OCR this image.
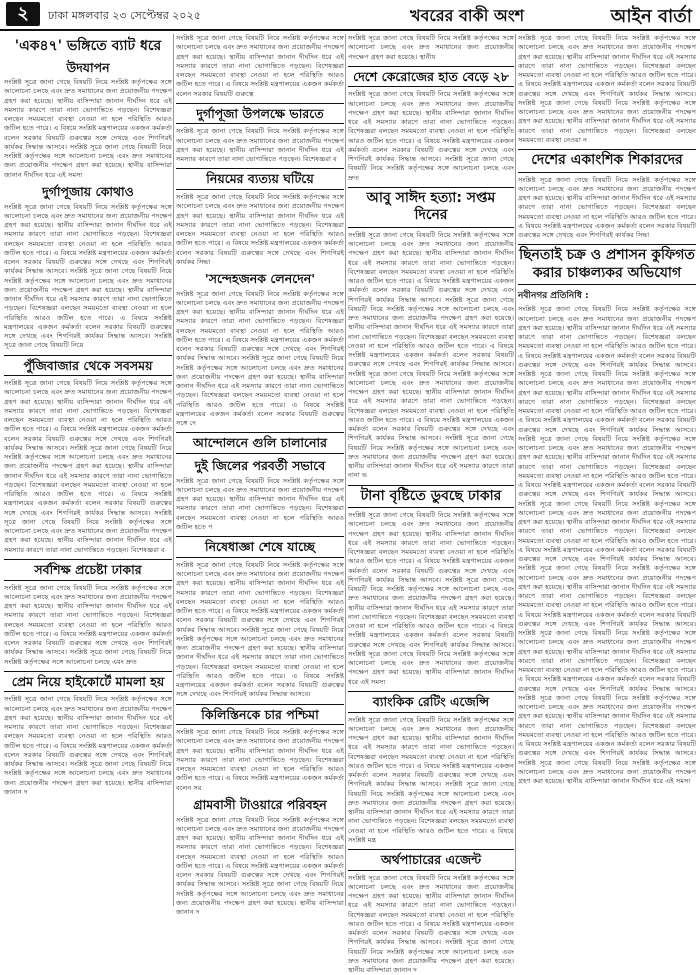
২	ঢাকা মঙ্গলবার ২৩ সেপ্টেম্বর ২০২৫	খবরের বাকী অংশ	আইন বার্তা
'এক৪৭' ভঙ্গিতে ব্যাট ধরে
উদযাপন
সংশ্লিষ্ট সূত্রে জানা গেছে বিষয়টি নিয়ে সংশ্লিষ্ট কর্তৃপক্ষের সঙ্গে আলোচনা চলছে এবং দ্রুত সমাধানের জন্য প্রয়োজনীয় পদক্ষেপ গ্রহণ করা হয়েছে। স্থানীয় বাসিন্দারা জানান দীর্ঘদিন ধরে এই সমস্যার কারণে তারা নানা ভোগান্তিতে পড়ছেন। বিশেষজ্ঞরা বলছেন সময়মতো ব্যবস্থা নেওয়া না হলে পরিস্থিতি আরও জটিল হতে পারে। এ বিষয়ে সংশ্লিষ্ট মন্ত্রণালয়ের একজন কর্মকর্তা বলেন সরকার বিষয়টি গুরুত্বের সঙ্গে দেখছে এবং শিগগিরই কার্যকর সিদ্ধান্ত আসবে। সংশ্লিষ্ট সূত্রে জানা গেছে বিষয়টি নিয়ে সংশ্লিষ্ট কর্তৃপক্ষের সঙ্গে আলোচনা চলছে এবং দ্রুত সমাধানের জন্য প্রয়োজনীয় পদক্ষেপ গ্রহণ করা হয়েছে। স্থানীয় বাসিন্দারা জানান দীর্ঘদিন ধরে এই সমস্য
দুর্গাপূজায় কোথাও
সংশ্লিষ্ট সূত্রে জানা গেছে বিষয়টি নিয়ে সংশ্লিষ্ট কর্তৃপক্ষের সঙ্গে আলোচনা চলছে এবং দ্রুত সমাধানের জন্য প্রয়োজনীয় পদক্ষেপ গ্রহণ করা হয়েছে। স্থানীয় বাসিন্দারা জানান দীর্ঘদিন ধরে এই সমস্যার কারণে তারা নানা ভোগান্তিতে পড়ছেন। বিশেষজ্ঞরা বলছেন সময়মতো ব্যবস্থা নেওয়া না হলে পরিস্থিতি আরও জটিল হতে পারে। এ বিষয়ে সংশ্লিষ্ট মন্ত্রণালয়ের একজন কর্মকর্তা বলেন সরকার বিষয়টি গুরুত্বের সঙ্গে দেখছে এবং শিগগিরই কার্যকর সিদ্ধান্ত আসবে। সংশ্লিষ্ট সূত্রে জানা গেছে বিষয়টি নিয়ে সংশ্লিষ্ট কর্তৃপক্ষের সঙ্গে আলোচনা চলছে এবং দ্রুত সমাধানের জন্য প্রয়োজনীয় পদক্ষেপ গ্রহণ করা হয়েছে। স্থানীয় বাসিন্দারা জানান দীর্ঘদিন ধরে এই সমস্যার কারণে তারা নানা ভোগান্তিতে পড়ছেন। বিশেষজ্ঞরা বলছেন সময়মতো ব্যবস্থা নেওয়া না হলে পরিস্থিতি আরও জটিল হতে পারে। এ বিষয়ে সংশ্লিষ্ট মন্ত্রণালয়ের একজন কর্মকর্তা বলেন সরকার বিষয়টি গুরুত্বের সঙ্গে দেখছে এবং শিগগিরই কার্যকর সিদ্ধান্ত আসবে। সংশ্লিষ্ট সূত্রে জানা গেছে বিষয়টি নিয়ে
পুঁজিবাজার থেকে সবসময়
সংশ্লিষ্ট সূত্রে জানা গেছে বিষয়টি নিয়ে সংশ্লিষ্ট কর্তৃপক্ষের সঙ্গে আলোচনা চলছে এবং দ্রুত সমাধানের জন্য প্রয়োজনীয় পদক্ষেপ গ্রহণ করা হয়েছে। স্থানীয় বাসিন্দারা জানান দীর্ঘদিন ধরে এই সমস্যার কারণে তারা নানা ভোগান্তিতে পড়ছেন। বিশেষজ্ঞরা বলছেন সময়মতো ব্যবস্থা নেওয়া না হলে পরিস্থিতি আরও জটিল হতে পারে। এ বিষয়ে সংশ্লিষ্ট মন্ত্রণালয়ের একজন কর্মকর্তা বলেন সরকার বিষয়টি গুরুত্বের সঙ্গে দেখছে এবং শিগগিরই কার্যকর সিদ্ধান্ত আসবে। সংশ্লিষ্ট সূত্রে জানা গেছে বিষয়টি নিয়ে সংশ্লিষ্ট কর্তৃপক্ষের সঙ্গে আলোচনা চলছে এবং দ্রুত সমাধানের জন্য প্রয়োজনীয় পদক্ষেপ গ্রহণ করা হয়েছে। স্থানীয় বাসিন্দারা জানান দীর্ঘদিন ধরে এই সমস্যার কারণে তারা নানা ভোগান্তিতে পড়ছেন। বিশেষজ্ঞরা বলছেন সময়মতো ব্যবস্থা নেওয়া না হলে পরিস্থিতি আরও জটিল হতে পারে। এ বিষয়ে সংশ্লিষ্ট মন্ত্রণালয়ের একজন কর্মকর্তা বলেন সরকার বিষয়টি গুরুত্বের সঙ্গে দেখছে এবং শিগগিরই কার্যকর সিদ্ধান্ত আসবে। সংশ্লিষ্ট সূত্রে জানা গেছে বিষয়টি নিয়ে সংশ্লিষ্ট কর্তৃপক্ষের সঙ্গে আলোচনা চলছে এবং দ্রুত সমাধানের জন্য প্রয়োজনীয় পদক্ষেপ গ্রহণ করা হয়েছে। স্থানীয় বাসিন্দারা জানান দীর্ঘদিন ধরে এই সমস্যার কারণে তারা নানা ভোগান্তিতে পড়ছেন। বিশেষজ্ঞরা ব
সর্বশিক্ষ প্রচেষ্টা ঢাকার
সংশ্লিষ্ট সূত্রে জানা গেছে বিষয়টি নিয়ে সংশ্লিষ্ট কর্তৃপক্ষের সঙ্গে আলোচনা চলছে এবং দ্রুত সমাধানের জন্য প্রয়োজনীয় পদক্ষেপ গ্রহণ করা হয়েছে। স্থানীয় বাসিন্দারা জানান দীর্ঘদিন ধরে এই সমস্যার কারণে তারা নানা ভোগান্তিতে পড়ছেন। বিশেষজ্ঞরা বলছেন সময়মতো ব্যবস্থা নেওয়া না হলে পরিস্থিতি আরও জটিল হতে পারে। এ বিষয়ে সংশ্লিষ্ট মন্ত্রণালয়ের একজন কর্মকর্তা বলেন সরকার বিষয়টি গুরুত্বের সঙ্গে দেখছে এবং শিগগিরই কার্যকর সিদ্ধান্ত আসবে। সংশ্লিষ্ট সূত্রে জানা গেছে বিষয়টি নিয়ে সংশ্লিষ্ট কর্তৃপক্ষের সঙ্গে আলোচনা চলছে এবং দ্রুত
প্রেম নিয়ে হাইকোর্টে মামলা হয়
সংশ্লিষ্ট সূত্রে জানা গেছে বিষয়টি নিয়ে সংশ্লিষ্ট কর্তৃপক্ষের সঙ্গে আলোচনা চলছে এবং দ্রুত সমাধানের জন্য প্রয়োজনীয় পদক্ষেপ গ্রহণ করা হয়েছে। স্থানীয় বাসিন্দারা জানান দীর্ঘদিন ধরে এই সমস্যার কারণে তারা নানা ভোগান্তিতে পড়ছেন। বিশেষজ্ঞরা বলছেন সময়মতো ব্যবস্থা নেওয়া না হলে পরিস্থিতি আরও জটিল হতে পারে। এ বিষয়ে সংশ্লিষ্ট মন্ত্রণালয়ের একজন কর্মকর্তা বলেন সরকার বিষয়টি গুরুত্বের সঙ্গে দেখছে এবং শিগগিরই কার্যকর সিদ্ধান্ত আসবে। সংশ্লিষ্ট সূত্রে জানা গেছে বিষয়টি নিয়ে সংশ্লিষ্ট কর্তৃপক্ষের সঙ্গে আলোচনা চলছে এবং দ্রুত সমাধানের জন্য প্রয়োজনীয় পদক্ষেপ গ্রহণ করা হয়েছে। স্থানীয় বাসিন্দারা জানান দ
সংশ্লিষ্ট সূত্রে জানা গেছে বিষয়টি নিয়ে সংশ্লিষ্ট কর্তৃপক্ষের সঙ্গে আলোচনা চলছে এবং দ্রুত সমাধানের জন্য প্রয়োজনীয় পদক্ষেপ গ্রহণ করা হয়েছে। স্থানীয় বাসিন্দারা জানান দীর্ঘদিন ধরে এই সমস্যার কারণে তারা নানা ভোগান্তিতে পড়ছেন। বিশেষজ্ঞরা বলছেন সময়মতো ব্যবস্থা নেওয়া না হলে পরিস্থিতি আরও জটিল হতে পারে। এ বিষয়ে সংশ্লিষ্ট মন্ত্রণালয়ের একজন কর্মকর্তা বলেন সরকার বিষয়টি গুরুত্বে
দুর্গাপূজা উপলক্ষে ভারতে
সংশ্লিষ্ট সূত্রে জানা গেছে বিষয়টি নিয়ে সংশ্লিষ্ট কর্তৃপক্ষের সঙ্গে আলোচনা চলছে এবং দ্রুত সমাধানের জন্য প্রয়োজনীয় পদক্ষেপ গ্রহণ করা হয়েছে। স্থানীয় বাসিন্দারা জানান দীর্ঘদিন ধরে এই সমস্যার কারণে তারা নানা ভোগান্তিতে পড়ছেন। বিশেষজ্ঞরা ব
নিয়মের ব্যত্যয় ঘটিয়ে
সংশ্লিষ্ট সূত্রে জানা গেছে বিষয়টি নিয়ে সংশ্লিষ্ট কর্তৃপক্ষের সঙ্গে আলোচনা চলছে এবং দ্রুত সমাধানের জন্য প্রয়োজনীয় পদক্ষেপ গ্রহণ করা হয়েছে। স্থানীয় বাসিন্দারা জানান দীর্ঘদিন ধরে এই সমস্যার কারণে তারা নানা ভোগান্তিতে পড়ছেন। বিশেষজ্ঞরা বলছেন সময়মতো ব্যবস্থা নেওয়া না হলে পরিস্থিতি আরও জটিল হতে পারে। এ বিষয়ে সংশ্লিষ্ট মন্ত্রণালয়ের একজন কর্মকর্তা বলেন সরকার বিষয়টি গুরুত্বের সঙ্গে দেখছে এবং শিগগিরই কার্যকর সিদ্ধা
'সন্দেহজনক লেনদেন'
সংশ্লিষ্ট সূত্রে জানা গেছে বিষয়টি নিয়ে সংশ্লিষ্ট কর্তৃপক্ষের সঙ্গে আলোচনা চলছে এবং দ্রুত সমাধানের জন্য প্রয়োজনীয় পদক্ষেপ গ্রহণ করা হয়েছে। স্থানীয় বাসিন্দারা জানান দীর্ঘদিন ধরে এই সমস্যার কারণে তারা নানা ভোগান্তিতে পড়ছেন। বিশেষজ্ঞরা বলছেন সময়মতো ব্যবস্থা নেওয়া না হলে পরিস্থিতি আরও জটিল হতে পারে। এ বিষয়ে সংশ্লিষ্ট মন্ত্রণালয়ের একজন কর্মকর্তা বলেন সরকার বিষয়টি গুরুত্বের সঙ্গে দেখছে এবং শিগগিরই কার্যকর সিদ্ধান্ত আসবে। সংশ্লিষ্ট সূত্রে জানা গেছে বিষয়টি নিয়ে সংশ্লিষ্ট কর্তৃপক্ষের সঙ্গে আলোচনা চলছে এবং দ্রুত সমাধানের জন্য প্রয়োজনীয় পদক্ষেপ গ্রহণ করা হয়েছে। স্থানীয় বাসিন্দারা জানান দীর্ঘদিন ধরে এই সমস্যার কারণে তারা নানা ভোগান্তিতে পড়ছেন। বিশেষজ্ঞরা বলছেন সময়মতো ব্যবস্থা নেওয়া না হলে পরিস্থিতি আরও জটিল হতে পারে। এ বিষয়ে সংশ্লিষ্ট মন্ত্রণালয়ের একজন কর্মকর্তা বলেন সরকার বিষয়টি গুরুত্বের সঙ্গে দে
আন্দোলনে গুলি চালানোর
দুই জিলের পরবর্তী সভাবে
সংশ্লিষ্ট সূত্রে জানা গেছে বিষয়টি নিয়ে সংশ্লিষ্ট কর্তৃপক্ষের সঙ্গে আলোচনা চলছে এবং দ্রুত সমাধানের জন্য প্রয়োজনীয় পদক্ষেপ গ্রহণ করা হয়েছে। স্থানীয় বাসিন্দারা জানান দীর্ঘদিন ধরে এই সমস্যার কারণে তারা নানা ভোগান্তিতে পড়ছেন। বিশেষজ্ঞরা বলছেন সময়মতো ব্যবস্থা নেওয়া না হলে পরিস্থিতি আরও জটিল হতে প
নিষেধাজ্ঞা শেষে যাচ্ছে
সংশ্লিষ্ট সূত্রে জানা গেছে বিষয়টি নিয়ে সংশ্লিষ্ট কর্তৃপক্ষের সঙ্গে আলোচনা চলছে এবং দ্রুত সমাধানের জন্য প্রয়োজনীয় পদক্ষেপ গ্রহণ করা হয়েছে। স্থানীয় বাসিন্দারা জানান দীর্ঘদিন ধরে এই সমস্যার কারণে তারা নানা ভোগান্তিতে পড়ছেন। বিশেষজ্ঞরা বলছেন সময়মতো ব্যবস্থা নেওয়া না হলে পরিস্থিতি আরও জটিল হতে পারে। এ বিষয়ে সংশ্লিষ্ট মন্ত্রণালয়ের একজন কর্মকর্তা বলেন সরকার বিষয়টি গুরুত্বের সঙ্গে দেখছে এবং শিগগিরই কার্যকর সিদ্ধান্ত আসবে। সংশ্লিষ্ট সূত্রে জানা গেছে বিষয়টি নিয়ে সংশ্লিষ্ট কর্তৃপক্ষের সঙ্গে আলোচনা চলছে এবং দ্রুত সমাধানের জন্য প্রয়োজনীয় পদক্ষেপ গ্রহণ করা হয়েছে। স্থানীয় বাসিন্দারা জানান দীর্ঘদিন ধরে এই সমস্যার কারণে তারা নানা ভোগান্তিতে পড়ছেন। বিশেষজ্ঞরা বলছেন সময়মতো ব্যবস্থা নেওয়া না হলে পরিস্থিতি আরও জটিল হতে পারে। এ বিষয়ে সংশ্লিষ্ট মন্ত্রণালয়ের একজন কর্মকর্তা বলেন সরকার বিষয়টি গুরুত্বের সঙ্গে দেখছে এবং শিগগিরই কার্যকর সিদ্ধান্ত আসবে।
কিলিস্তিনকে চার পশ্চিমা
সংশ্লিষ্ট সূত্রে জানা গেছে বিষয়টি নিয়ে সংশ্লিষ্ট কর্তৃপক্ষের সঙ্গে আলোচনা চলছে এবং দ্রুত সমাধানের জন্য প্রয়োজনীয় পদক্ষেপ গ্রহণ করা হয়েছে। স্থানীয় বাসিন্দারা জানান দীর্ঘদিন ধরে এই সমস্যার কারণে তারা নানা ভোগান্তিতে পড়ছেন। বিশেষজ্ঞরা বলছেন সময়মতো ব্যবস্থা নেওয়া না হলে পরিস্থিতি আরও জটিল হতে পারে। এ বিষয়ে সংশ্লিষ্ট মন্ত্রণালয়ের একজন কর্মকর্তা বলেন সর
গ্রামবাসী টাওয়ারে পরিবহন
সংশ্লিষ্ট সূত্রে জানা গেছে বিষয়টি নিয়ে সংশ্লিষ্ট কর্তৃপক্ষের সঙ্গে আলোচনা চলছে এবং দ্রুত সমাধানের জন্য প্রয়োজনীয় পদক্ষেপ গ্রহণ করা হয়েছে। স্থানীয় বাসিন্দারা জানান দীর্ঘদিন ধরে এই সমস্যার কারণে তারা নানা ভোগান্তিতে পড়ছেন। বিশেষজ্ঞরা বলছেন সময়মতো ব্যবস্থা নেওয়া না হলে পরিস্থিতি আরও জটিল হতে পারে। এ বিষয়ে সংশ্লিষ্ট মন্ত্রণালয়ের একজন কর্মকর্তা বলেন সরকার বিষয়টি গুরুত্বের সঙ্গে দেখছে এবং শিগগিরই কার্যকর সিদ্ধান্ত আসবে। সংশ্লিষ্ট সূত্রে জানা গেছে বিষয়টি নিয়ে সংশ্লিষ্ট কর্তৃপক্ষের সঙ্গে আলোচনা চলছে এবং দ্রুত সমাধানের জন্য প্রয়োজনীয় পদক্ষেপ গ্রহণ করা হয়েছে। স্থানীয় বাসিন্দারা জানান দ
সংশ্লিষ্ট সূত্রে জানা গেছে বিষয়টি নিয়ে সংশ্লিষ্ট কর্তৃপক্ষের সঙ্গে আলোচনা চলছে এবং দ্রুত সমাধানের জন্য প্রয়োজনীয় পদক্ষেপ গ্রহণ করা হয়েছে। স্থানীয
দেশে কেরোজের হাত বেড়ে ২৮
সংশ্লিষ্ট সূত্রে জানা গেছে বিষয়টি নিয়ে সংশ্লিষ্ট কর্তৃপক্ষের সঙ্গে আলোচনা চলছে এবং দ্রুত সমাধানের জন্য প্রয়োজনীয় পদক্ষেপ গ্রহণ করা হয়েছে। স্থানীয় বাসিন্দারা জানান দীর্ঘদিন ধরে এই সমস্যার কারণে তারা নানা ভোগান্তিতে পড়ছেন। বিশেষজ্ঞরা বলছেন সময়মতো ব্যবস্থা নেওয়া না হলে পরিস্থিতি আরও জটিল হতে পারে। এ বিষয়ে সংশ্লিষ্ট মন্ত্রণালয়ের একজন কর্মকর্তা বলেন সরকার বিষয়টি গুরুত্বের সঙ্গে দেখছে এবং শিগগিরই কার্যকর সিদ্ধান্ত আসবে। সংশ্লিষ্ট সূত্রে জানা গেছে বিষয়টি নিয়ে সংশ্লিষ্ট কর্তৃপক্ষের সঙ্গে আলোচনা চলছে এবং দ্রুত
আবু সাঈদ হত্যা: সপ্তম দিনের
সংশ্লিষ্ট সূত্রে জানা গেছে বিষয়টি নিয়ে সংশ্লিষ্ট কর্তৃপক্ষের সঙ্গে আলোচনা চলছে এবং দ্রুত সমাধানের জন্য প্রয়োজনীয় পদক্ষেপ গ্রহণ করা হয়েছে। স্থানীয় বাসিন্দারা জানান দীর্ঘদিন ধরে এই সমস্যার কারণে তারা নানা ভোগান্তিতে পড়ছেন। বিশেষজ্ঞরা বলছেন সময়মতো ব্যবস্থা নেওয়া না হলে পরিস্থিতি আরও জটিল হতে পারে। এ বিষয়ে সংশ্লিষ্ট মন্ত্রণালয়ের একজন কর্মকর্তা বলেন সরকার বিষয়টি গুরুত্বের সঙ্গে দেখছে এবং শিগগিরই কার্যকর সিদ্ধান্ত আসবে। সংশ্লিষ্ট সূত্রে জানা গেছে বিষয়টি নিয়ে সংশ্লিষ্ট কর্তৃপক্ষের সঙ্গে আলোচনা চলছে এবং দ্রুত সমাধানের জন্য প্রয়োজনীয় পদক্ষেপ গ্রহণ করা হয়েছে। স্থানীয় বাসিন্দারা জানান দীর্ঘদিন ধরে এই সমস্যার কারণে তারা নানা ভোগান্তিতে পড়ছেন। বিশেষজ্ঞরা বলছেন সময়মতো ব্যবস্থা নেওয়া না হলে পরিস্থিতি আরও জটিল হতে পারে। এ বিষয়ে সংশ্লিষ্ট মন্ত্রণালয়ের একজন কর্মকর্তা বলেন সরকার বিষয়টি গুরুত্বের সঙ্গে দেখছে এবং শিগগিরই কার্যকর সিদ্ধান্ত আসবে। সংশ্লিষ্ট সূত্রে জানা গেছে বিষয়টি নিয়ে সংশ্লিষ্ট কর্তৃপক্ষের সঙ্গে আলোচনা চলছে এবং দ্রুত সমাধানের জন্য প্রয়োজনীয় পদক্ষেপ গ্রহণ করা হয়েছে। স্থানীয় বাসিন্দারা জানান দীর্ঘদিন ধরে এই সমস্যার কারণে তারা নানা ভোগান্তিতে পড়ছেন। বিশেষজ্ঞরা বলছেন সময়মতো ব্যবস্থা নেওয়া না হলে পরিস্থিতি আরও জটিল হতে পারে। এ বিষয়ে সংশ্লিষ্ট মন্ত্রণালয়ের একজন কর্মকর্তা বলেন সরকার বিষয়টি গুরুত্বের সঙ্গে দেখছে এবং শিগগিরই কার্যকর সিদ্ধান্ত আসবে। সংশ্লিষ্ট সূত্রে জানা গেছে বিষয়টি নিয়ে সংশ্লিষ্ট কর্তৃপক্ষের সঙ্গে আলোচনা চলছে এবং দ্রুত সমাধানের জন্য প্রয়োজনীয় পদক্ষেপ গ্রহণ করা হয়েছে। স্থানীয় বাসিন্দারা জানান দীর্ঘদিন ধরে এই সমস্যার কারণে তারা নানা ভ
টানা বৃষ্টিতে ডুবছে ঢাকার
সংশ্লিষ্ট সূত্রে জানা গেছে বিষয়টি নিয়ে সংশ্লিষ্ট কর্তৃপক্ষের সঙ্গে আলোচনা চলছে এবং দ্রুত সমাধানের জন্য প্রয়োজনীয় পদক্ষেপ গ্রহণ করা হয়েছে। স্থানীয় বাসিন্দারা জানান দীর্ঘদিন ধরে এই সমস্যার কারণে তারা নানা ভোগান্তিতে পড়ছেন। বিশেষজ্ঞরা বলছেন সময়মতো ব্যবস্থা নেওয়া না হলে পরিস্থিতি আরও জটিল হতে পারে। এ বিষয়ে সংশ্লিষ্ট মন্ত্রণালয়ের একজন কর্মকর্তা বলেন সরকার বিষয়টি গুরুত্বের সঙ্গে দেখছে এবং শিগগিরই কার্যকর সিদ্ধান্ত আসবে। সংশ্লিষ্ট সূত্রে জানা গেছে বিষয়টি নিয়ে সংশ্লিষ্ট কর্তৃপক্ষের সঙ্গে আলোচনা চলছে এবং দ্রুত সমাধানের জন্য প্রয়োজনীয় পদক্ষেপ গ্রহণ করা হয়েছে। স্থানীয় বাসিন্দারা জানান দীর্ঘদিন ধরে এই সমস্যার কারণে তারা নানা ভোগান্তিতে পড়ছেন। বিশেষজ্ঞরা বলছেন সময়মতো ব্যবস্থা নেওয়া না হলে পরিস্থিতি আরও জটিল হতে পারে। এ বিষয়ে সংশ্লিষ্ট মন্ত্রণালয়ের একজন কর্মকর্তা বলেন সরকার বিষয়টি গুরুত্বের সঙ্গে দেখছে এবং শিগগিরই কার্যকর সিদ্ধান্ত আসবে। সংশ্লিষ্ট সূত্রে জানা গেছে বিষয়টি নিয়ে সংশ্লিষ্ট কর্তৃপক্ষের সঙ্গে আলোচনা চলছে এবং দ্রুত সমাধানের জন্য প্রয়োজনীয় পদক্ষেপ গ্রহণ করা হয়েছে। স্থানীয় বাসিন্দারা জানান দীর্ঘদিন ধরে এই সমস্য
ব্যাংকিক রেটিং এজেন্সি
সংশ্লিষ্ট সূত্রে জানা গেছে বিষয়টি নিয়ে সংশ্লিষ্ট কর্তৃপক্ষের সঙ্গে আলোচনা চলছে এবং দ্রুত সমাধানের জন্য প্রয়োজনীয় পদক্ষেপ গ্রহণ করা হয়েছে। স্থানীয় বাসিন্দারা জানান দীর্ঘদিন ধরে এই সমস্যার কারণে তারা নানা ভোগান্তিতে পড়ছেন। বিশেষজ্ঞরা বলছেন সময়মতো ব্যবস্থা নেওয়া না হলে পরিস্থিতি আরও জটিল হতে পারে। এ বিষয়ে সংশ্লিষ্ট মন্ত্রণালয়ের একজন কর্মকর্তা বলেন সরকার বিষয়টি গুরুত্বের সঙ্গে দেখছে এবং শিগগিরই কার্যকর সিদ্ধান্ত আসবে। সংশ্লিষ্ট সূত্রে জানা গেছে বিষয়টি নিয়ে সংশ্লিষ্ট কর্তৃপক্ষের সঙ্গে আলোচনা চলছে এবং দ্রুত সমাধানের জন্য প্রয়োজনীয় পদক্ষেপ গ্রহণ করা হয়েছে। স্থানীয় বাসিন্দারা জানান দীর্ঘদিন ধরে এই সমস্যার কারণে তারা নানা ভোগান্তিতে পড়ছেন। বিশেষজ্ঞরা বলছেন সময়মতো ব্যবস্থা নেওয়া না হলে পরিস্থিতি আরও জটিল হতে পারে। এ বিষয়ে সংশ্লিষ্ট মন্ত্র
অর্থপাচারের এজেন্ট
সংশ্লিষ্ট সূত্রে জানা গেছে বিষয়টি নিয়ে সংশ্লিষ্ট কর্তৃপক্ষের সঙ্গে আলোচনা চলছে এবং দ্রুত সমাধানের জন্য প্রয়োজনীয় পদক্ষেপ গ্রহণ করা হয়েছে। স্থানীয় বাসিন্দারা জানান দীর্ঘদিন ধরে এই সমস্যার কারণে তারা নানা ভোগান্তিতে পড়ছেন। বিশেষজ্ঞরা বলছেন সময়মতো ব্যবস্থা নেওয়া না হলে পরিস্থিতি আরও জটিল হতে পারে। এ বিষয়ে সংশ্লিষ্ট মন্ত্রণালয়ের একজন কর্মকর্তা বলেন সরকার বিষয়টি গুরুত্বের সঙ্গে দেখছে এবং শিগগিরই কার্যকর সিদ্ধান্ত আসবে। সংশ্লিষ্ট সূত্রে জানা গেছে বিষয়টি নিয়ে সংশ্লিষ্ট কর্তৃপক্ষের সঙ্গে আলোচনা চলছে এবং দ্রুত সমাধানের জন্য প্রয়োজনীয় পদক্ষেপ গ্রহণ করা হয়েছে। স্থানীয় বাসিন্দারা জানান দ
সংশ্লিষ্ট সূত্রে জানা গেছে বিষয়টি নিয়ে সংশ্লিষ্ট কর্তৃপক্ষের সঙ্গে আলোচনা চলছে এবং দ্রুত সমাধানের জন্য প্রয়োজনীয় পদক্ষেপ গ্রহণ করা হয়েছে। স্থানীয় বাসিন্দারা জানান দীর্ঘদিন ধরে এই সমস্যার কারণে তারা নানা ভোগান্তিতে পড়ছেন। বিশেষজ্ঞরা বলছেন সময়মতো ব্যবস্থা নেওয়া না হলে পরিস্থিতি আরও জটিল হতে পারে। এ বিষয়ে সংশ্লিষ্ট মন্ত্রণালয়ের একজন কর্মকর্তা বলেন সরকার বিষয়টি গুরুত্বের সঙ্গে দেখছে এবং শিগগিরই কার্যকর সিদ্ধান্ত আসবে। সংশ্লিষ্ট সূত্রে জানা গেছে বিষয়টি নিয়ে সংশ্লিষ্ট কর্তৃপক্ষের সঙ্গে আলোচনা চলছে এবং দ্রুত সমাধানের জন্য প্রয়োজনীয় পদক্ষেপ গ্রহণ করা হয়েছে। স্থানীয় বাসিন্দারা জানান দীর্ঘদিন ধরে এই সমস্যার কারণে তারা নানা ভোগান্তিতে পড়ছেন। বিশেষজ্ঞরা বলছেন সময়মতো ব্যবস্থা নেওয়া ন
দেশের একাংশিক শিকারদের
সংশ্লিষ্ট সূত্রে জানা গেছে বিষয়টি নিয়ে সংশ্লিষ্ট কর্তৃপক্ষের সঙ্গে আলোচনা চলছে এবং দ্রুত সমাধানের জন্য প্রয়োজনীয় পদক্ষেপ গ্রহণ করা হয়েছে। স্থানীয় বাসিন্দারা জানান দীর্ঘদিন ধরে এই সমস্যার কারণে তারা নানা ভোগান্তিতে পড়ছেন। বিশেষজ্ঞরা বলছেন সময়মতো ব্যবস্থা নেওয়া না হলে পরিস্থিতি আরও জটিল হতে পারে। এ বিষয়ে সংশ্লিষ্ট মন্ত্রণালয়ের একজন কর্মকর্তা বলেন সরকার বিষয়টি গুরুত্বের সঙ্গে দেখছে এবং শিগগিরই কার্যকর সিদ্ধা
ছিনতাই চক্র ও প্রশাসন কুফিগত করার চাঞ্চল্যকর অভিযোগ
নবীনগর প্রতিনিধি :
সংশ্লিষ্ট সূত্রে জানা গেছে বিষয়টি নিয়ে সংশ্লিষ্ট কর্তৃপক্ষের সঙ্গে আলোচনা চলছে এবং দ্রুত সমাধানের জন্য প্রয়োজনীয় পদক্ষেপ গ্রহণ করা হয়েছে। স্থানীয় বাসিন্দারা জানান দীর্ঘদিন ধরে এই সমস্যার কারণে তারা নানা ভোগান্তিতে পড়ছেন। বিশেষজ্ঞরা বলছেন সময়মতো ব্যবস্থা নেওয়া না হলে পরিস্থিতি আরও জটিল হতে পারে। এ বিষয়ে সংশ্লিষ্ট মন্ত্রণালয়ের একজন কর্মকর্তা বলেন সরকার বিষয়টি গুরুত্বের সঙ্গে দেখছে এবং শিগগিরই কার্যকর সিদ্ধান্ত আসবে। সংশ্লিষ্ট সূত্রে জানা গেছে বিষয়টি নিয়ে সংশ্লিষ্ট কর্তৃপক্ষের সঙ্গে আলোচনা চলছে এবং দ্রুত সমাধানের জন্য প্রয়োজনীয় পদক্ষেপ গ্রহণ করা হয়েছে। স্থানীয় বাসিন্দারা জানান দীর্ঘদিন ধরে এই সমস্যার কারণে তারা নানা ভোগান্তিতে পড়ছেন। বিশেষজ্ঞরা বলছেন সময়মতো ব্যবস্থা নেওয়া না হলে পরিস্থিতি আরও জটিল হতে পারে। এ বিষয়ে সংশ্লিষ্ট মন্ত্রণালয়ের একজন কর্মকর্তা বলেন সরকার বিষয়টি গুরুত্বের সঙ্গে দেখছে এবং শিগগিরই কার্যকর সিদ্ধান্ত আসবে। সংশ্লিষ্ট সূত্রে জানা গেছে বিষয়টি নিয়ে সংশ্লিষ্ট কর্তৃপক্ষের সঙ্গে আলোচনা চলছে এবং দ্রুত সমাধানের জন্য প্রয়োজনীয় পদক্ষেপ গ্রহণ করা হয়েছে। স্থানীয় বাসিন্দারা জানান দীর্ঘদিন ধরে এই সমস্যার কারণে তারা নানা ভোগান্তিতে পড়ছেন। বিশেষজ্ঞরা বলছেন সময়মতো ব্যবস্থা নেওয়া না হলে পরিস্থিতি আরও জটিল হতে পারে। এ বিষয়ে সংশ্লিষ্ট মন্ত্রণালয়ের একজন কর্মকর্তা বলেন সরকার বিষয়টি গুরুত্বের সঙ্গে দেখছে এবং শিগগিরই কার্যকর সিদ্ধান্ত আসবে। সংশ্লিষ্ট সূত্রে জানা গেছে বিষয়টি নিয়ে সংশ্লিষ্ট কর্তৃপক্ষের সঙ্গে আলোচনা চলছে এবং দ্রুত সমাধানের জন্য প্রয়োজনীয় পদক্ষেপ গ্রহণ করা হয়েছে। স্থানীয় বাসিন্দারা জানান দীর্ঘদিন ধরে এই সমস্যার কারণে তারা নানা ভোগান্তিতে পড়ছেন। বিশেষজ্ঞরা বলছেন সময়মতো ব্যবস্থা নেওয়া না হলে পরিস্থিতি আরও জটিল হতে পারে। এ বিষয়ে সংশ্লিষ্ট মন্ত্রণালয়ের একজন কর্মকর্তা বলেন সরকার বিষয়টি গুরুত্বের সঙ্গে দেখছে এবং শিগগিরই কার্যকর সিদ্ধান্ত আসবে। সংশ্লিষ্ট সূত্রে জানা গেছে বিষয়টি নিয়ে সংশ্লিষ্ট কর্তৃপক্ষের সঙ্গে আলোচনা চলছে এবং দ্রুত সমাধানের জন্য প্রয়োজনীয় পদক্ষেপ গ্রহণ করা হয়েছে। স্থানীয় বাসিন্দারা জানান দীর্ঘদিন ধরে এই সমস্যার কারণে তারা নানা ভোগান্তিতে পড়ছেন। বিশেষজ্ঞরা বলছেন সময়মতো ব্যবস্থা নেওয়া না হলে পরিস্থিতি আরও জটিল হতে পারে। এ বিষয়ে সংশ্লিষ্ট মন্ত্রণালয়ের একজন কর্মকর্তা বলেন সরকার বিষয়টি গুরুত্বের সঙ্গে দেখছে এবং শিগগিরই কার্যকর সিদ্ধান্ত আসবে। সংশ্লিষ্ট সূত্রে জানা গেছে বিষয়টি নিয়ে সংশ্লিষ্ট কর্তৃপক্ষের সঙ্গে আলোচনা চলছে এবং দ্রুত সমাধানের জন্য প্রয়োজনীয় পদক্ষেপ গ্রহণ করা হয়েছে। স্থানীয় বাসিন্দারা জানান দীর্ঘদিন ধরে এই সমস্যার কারণে তারা নানা ভোগান্তিতে পড়ছেন। বিশেষজ্ঞরা বলছেন সময়মতো ব্যবস্থা নেওয়া না হলে পরিস্থিতি আরও জটিল হতে পারে। এ বিষয়ে সংশ্লিষ্ট মন্ত্রণালয়ের একজন কর্মকর্তা বলেন সরকার বিষয়টি গুরুত্বের সঙ্গে দেখছে এবং শিগগিরই কার্যকর সিদ্ধান্ত আসবে। সংশ্লিষ্ট সূত্রে জানা গেছে বিষয়টি নিয়ে সংশ্লিষ্ট কর্তৃপক্ষের সঙ্গে আলোচনা চলছে এবং দ্রুত সমাধানের জন্য প্রয়োজনীয় পদক্ষেপ গ্রহণ করা হয়েছে। স্থানীয় বাসিন্দারা জানান দীর্ঘদিন ধরে এই সমস্যার কারণে তারা নানা ভোগান্তিতে পড়ছেন। বিশেষজ্ঞরা বলছেন সময়মতো ব্যবস্থা নেওয়া না হলে পরিস্থিতি আরও জটিল হতে পারে। এ বিষয়ে সংশ্লিষ্ট মন্ত্রণালয়ের একজন কর্মকর্তা বলেন সরকার বিষয়টি গুরুত্বের সঙ্গে দেখছে এবং শিগগিরই কার্যকর সিদ্ধান্ত আসবে। সংশ্লিষ্ট সূত্রে জানা গেছে বিষয়টি নিয়ে সংশ্লিষ্ট কর্তৃপক্ষের সঙ্গে আলোচনা চলছে এবং দ্রুত সমাধানের জন্য প্রয়োজনীয় পদক্ষেপ গ্রহণ করা হয়েছে। স্থানীয় বাসিন্দারা জানান দীর্ঘদিন ধরে এই সমস্য
